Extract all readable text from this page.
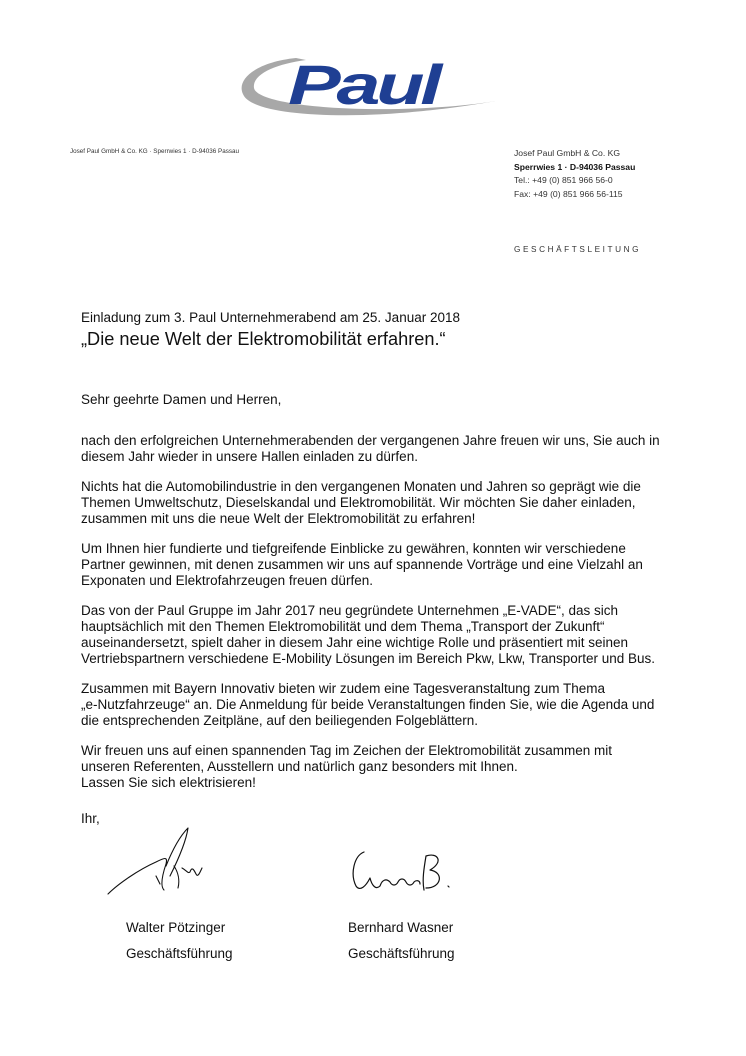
Paul
Josef Paul GmbH & Co. KG · Sperrwies 1 · D-94036 Passau	Josef Paul GmbH & Co. KG
Sperrwies 1 · D-94036 Passau
Tel.: +49 (0) 851 966 56-0
Fax: +49 (0) 851 966 56-115
GESCHÄFTSLEITUNG
Einladung zum 3. Paul Unternehmerabend am 25. Januar 2018
„Die neue Welt der Elektromobilität erfahren.“
Sehr geehrte Damen und Herren,

nach den erfolgreichen Unternehmerabenden der vergangenen Jahre freuen wir uns, Sie auch in
diesem Jahr wieder in unsere Hallen einladen zu dürfen.

Nichts hat die Automobilindustrie in den vergangenen Monaten und Jahren so geprägt wie die
Themen Umweltschutz, Dieselskandal und Elektromobilität. Wir möchten Sie daher einladen,
zusammen mit uns die neue Welt der Elektromobilität zu erfahren!

Um Ihnen hier fundierte und tiefgreifende Einblicke zu gewähren, konnten wir verschiedene
Partner gewinnen, mit denen zusammen wir uns auf spannende Vorträge und eine Vielzahl an
Exponaten und Elektrofahrzeugen freuen dürfen.

Das von der Paul Gruppe im Jahr 2017 neu gegründete Unternehmen „E-VADE“, das sich
hauptsächlich mit den Themen Elektromobilität und dem Thema „Transport der Zukunft“
auseinandersetzt, spielt daher in diesem Jahr eine wichtige Rolle und präsentiert mit seinen
Vertriebspartnern verschiedene E-Mobility Lösungen im Bereich Pkw, Lkw, Transporter und Bus.

Zusammen mit Bayern Innovativ bieten wir zudem eine Tagesveranstaltung zum Thema
„e-Nutzfahrzeuge“ an. Die Anmeldung für beide Veranstaltungen finden Sie, wie die Agenda und
die entsprechenden Zeitpläne, auf den beiliegenden Folgeblättern.

Wir freuen uns auf einen spannenden Tag im Zeichen der Elektromobilität zusammen mit
unseren Referenten, Ausstellern und natürlich ganz besonders mit Ihnen.
Lassen Sie sich elektrisieren!

Ihr,
Walter Pötzinger
Geschäftsführung
Bernhard Wasner
Geschäftsführung
